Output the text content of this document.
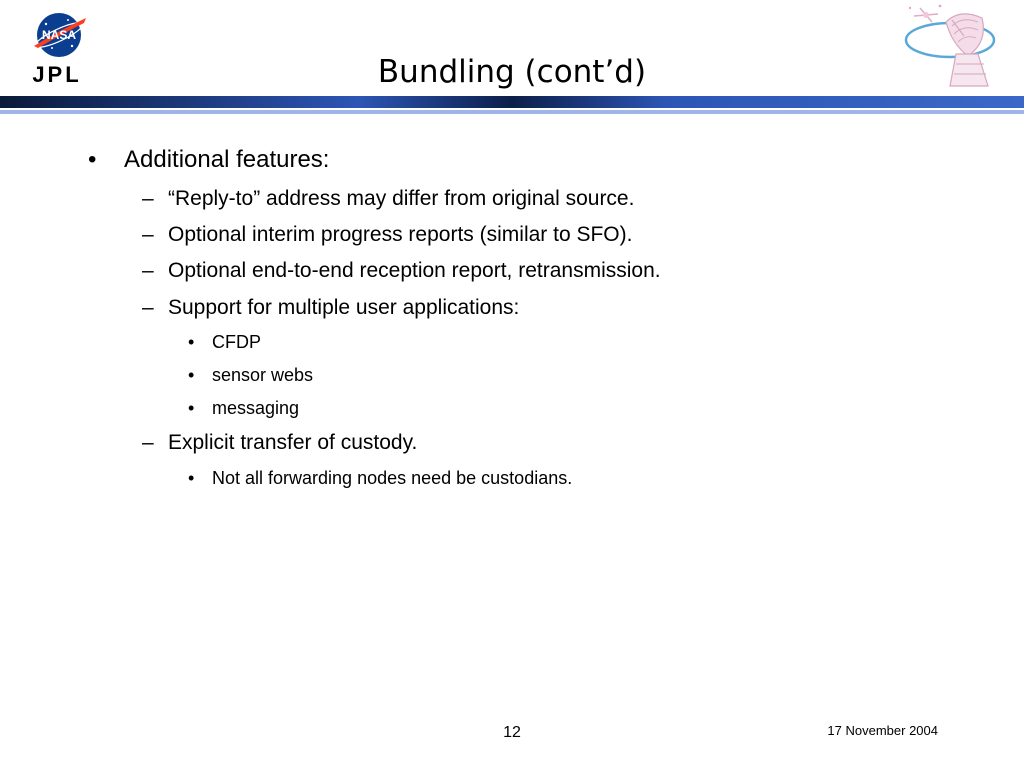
NASA
JPL	Bundling (cont’d)
• Additional features:
– “Reply-to” address may differ from original source.
– Optional interim progress reports (similar to SFO).
– Optional end-to-end reception report, retransmission.
– Support for multiple user applications:
• CFDP
• sensor webs
• messaging
– Explicit transfer of custody.
• Not all forwarding nodes need be custodians.
12	17 November 2004
